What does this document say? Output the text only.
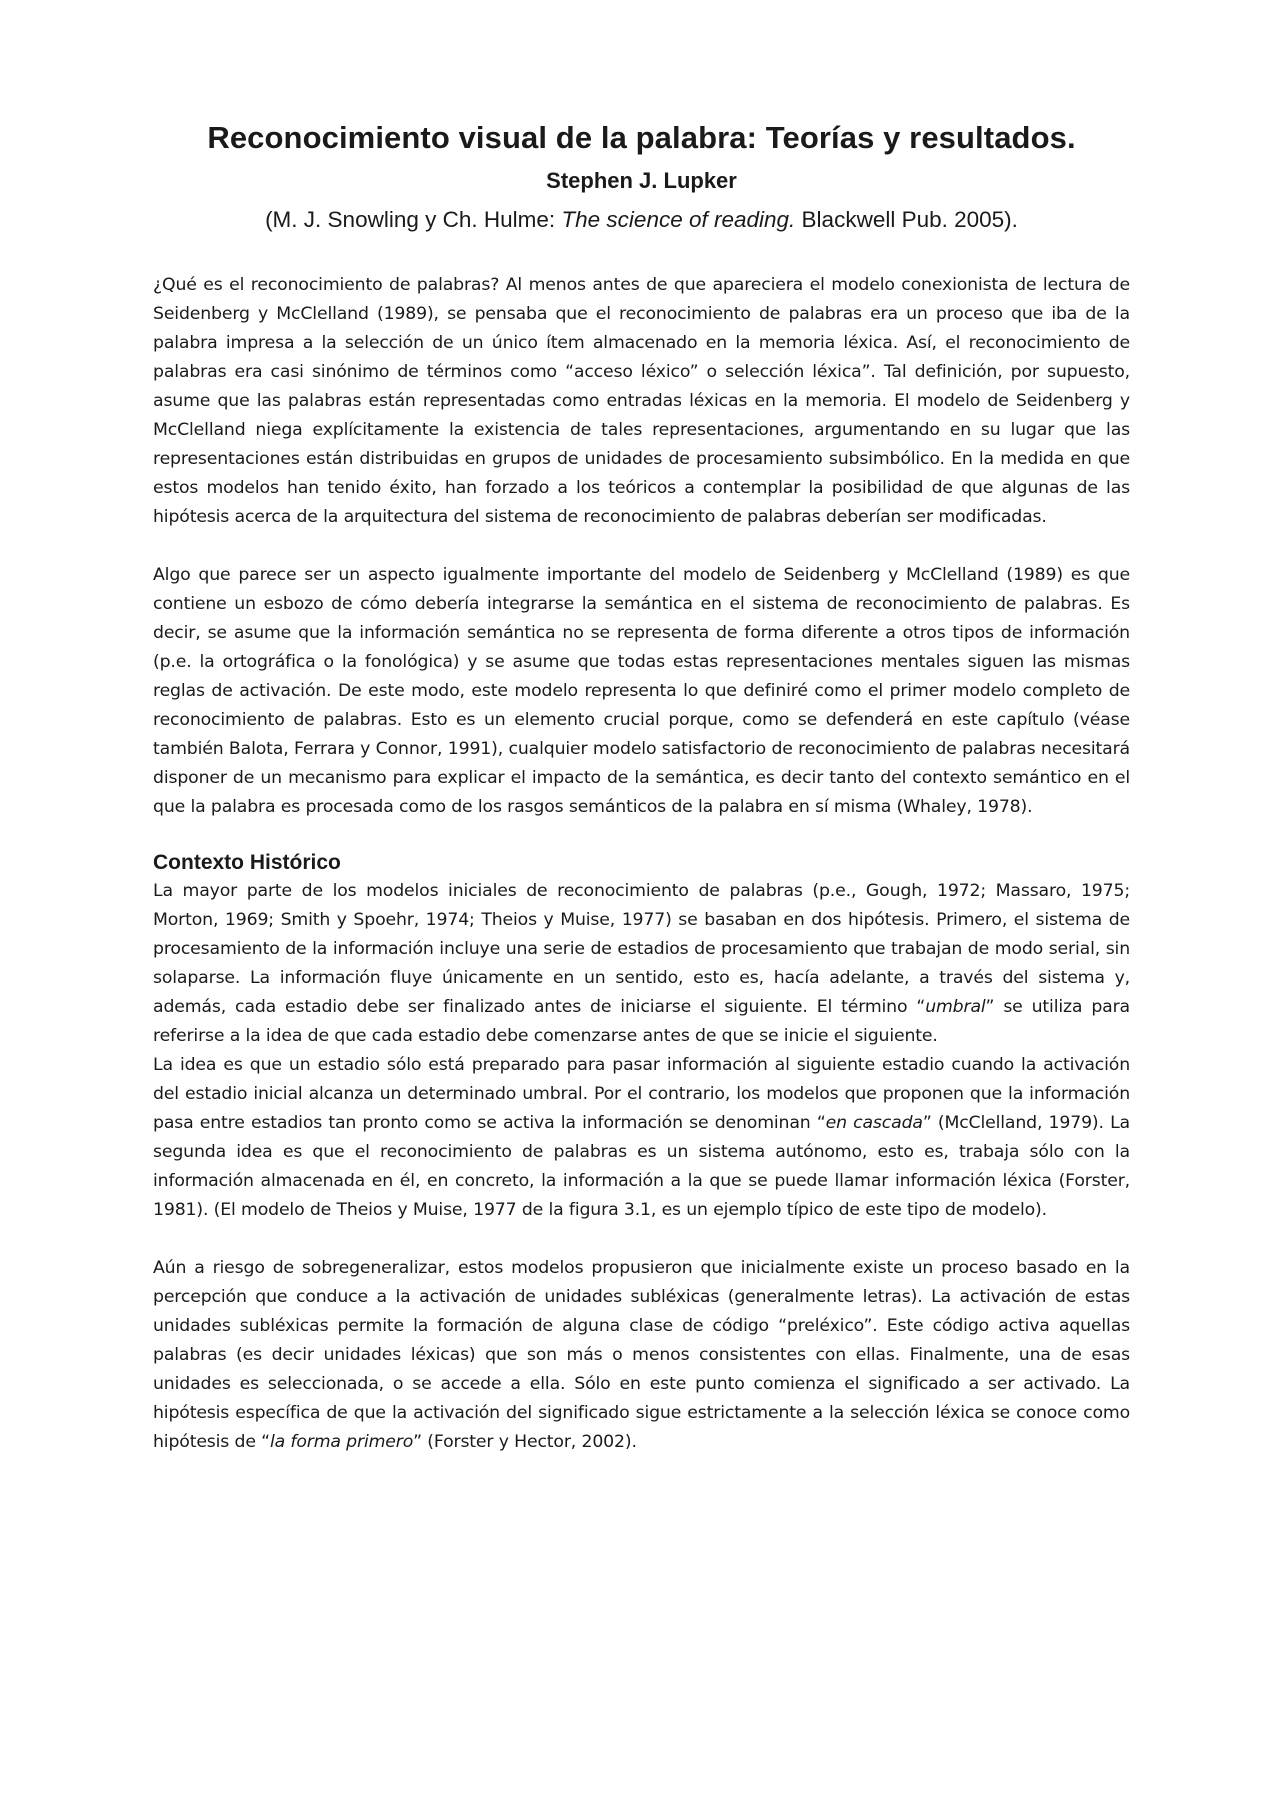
Reconocimiento visual de la palabra: Teorías y resultados.
Stephen J. Lupker
(M. J. Snowling y Ch. Hulme: The science of reading. Blackwell Pub. 2005).

¿Qué es el reconocimiento de palabras? Al menos antes de que apareciera el modelo conexionista de lectura de Seidenberg y McClelland (1989), se pensaba que el reconocimiento de palabras era un proceso que iba de la palabra impresa a la selección de un único ítem almacenado en la memoria léxica. Así, el reconocimiento de palabras era casi sinónimo de términos como “acceso léxico” o selección léxica”. Tal definición, por supuesto, asume que las palabras están representadas como entradas léxicas en la memoria. El modelo de Seidenberg y McClelland niega explícitamente la existencia de tales representaciones, argumentando en su lugar que las representaciones están distribuidas en grupos de unidades de procesamiento subsimbólico. En la medida en que estos modelos han tenido éxito, han forzado a los teóricos a contemplar la posibilidad de que algunas de las hipótesis acerca de la arquitectura del sistema de reconocimiento de palabras deberían ser modificadas.

Algo que parece ser un aspecto igualmente importante del modelo de Seidenberg y McClelland (1989) es que contiene un esbozo de cómo debería integrarse la semántica en el sistema de reconocimiento de palabras. Es decir, se asume que la información semántica no se representa de forma diferente a otros tipos de información (p.e. la ortográfica o la fonológica) y se asume que todas estas representaciones mentales siguen las mismas reglas de activación. De este modo, este modelo representa lo que definiré como el primer modelo completo de reconocimiento de palabras. Esto es un elemento crucial porque, como se defenderá en este capítulo (véase también Balota, Ferrara y Connor, 1991), cualquier modelo satisfactorio de reconocimiento de palabras necesitará disponer de un mecanismo para explicar el impacto de la semántica, es decir tanto del contexto semántico en el que la palabra es procesada como de los rasgos semánticos de la palabra en sí misma (Whaley, 1978).

Contexto Histórico

La mayor parte de los modelos iniciales de reconocimiento de palabras (p.e., Gough, 1972; Massaro, 1975; Morton, 1969; Smith y Spoehr, 1974; Theios y Muise, 1977) se basaban en dos hipótesis. Primero, el sistema de procesamiento de la información incluye una serie de estadios de procesamiento que trabajan de modo serial, sin solaparse. La información fluye únicamente en un sentido, esto es, hacía adelante, a través del sistema y, además, cada estadio debe ser finalizado antes de iniciarse el siguiente. El término “umbral” se utiliza para referirse a la idea de que cada estadio debe comenzarse antes de que se inicie el siguiente.

La idea es que un estadio sólo está preparado para pasar información al siguiente estadio cuando la activación del estadio inicial alcanza un determinado umbral. Por el contrario, los modelos que proponen que la información pasa entre estadios tan pronto como se activa la información se denominan “en cascada” (McClelland, 1979). La segunda idea es que el reconocimiento de palabras es un sistema autónomo, esto es, trabaja sólo con la información almacenada en él, en concreto, la información a la que se puede llamar información léxica (Forster, 1981). (El modelo de Theios y Muise, 1977 de la figura 3.1, es un ejemplo típico de este tipo de modelo).

Aún a riesgo de sobregeneralizar, estos modelos propusieron que inicialmente existe un proceso basado en la percepción que conduce a la activación de unidades subléxicas (generalmente letras). La activación de estas unidades subléxicas permite la formación de alguna clase de código “preléxico”. Este código activa aquellas palabras (es decir unidades léxicas) que son más o menos consistentes con ellas. Finalmente, una de esas unidades es seleccionada, o se accede a ella. Sólo en este punto comienza el significado a ser activado. La hipótesis específica de que la activación del significado sigue estrictamente a la selección léxica se conoce como hipótesis de “la forma primero” (Forster y Hector, 2002).
